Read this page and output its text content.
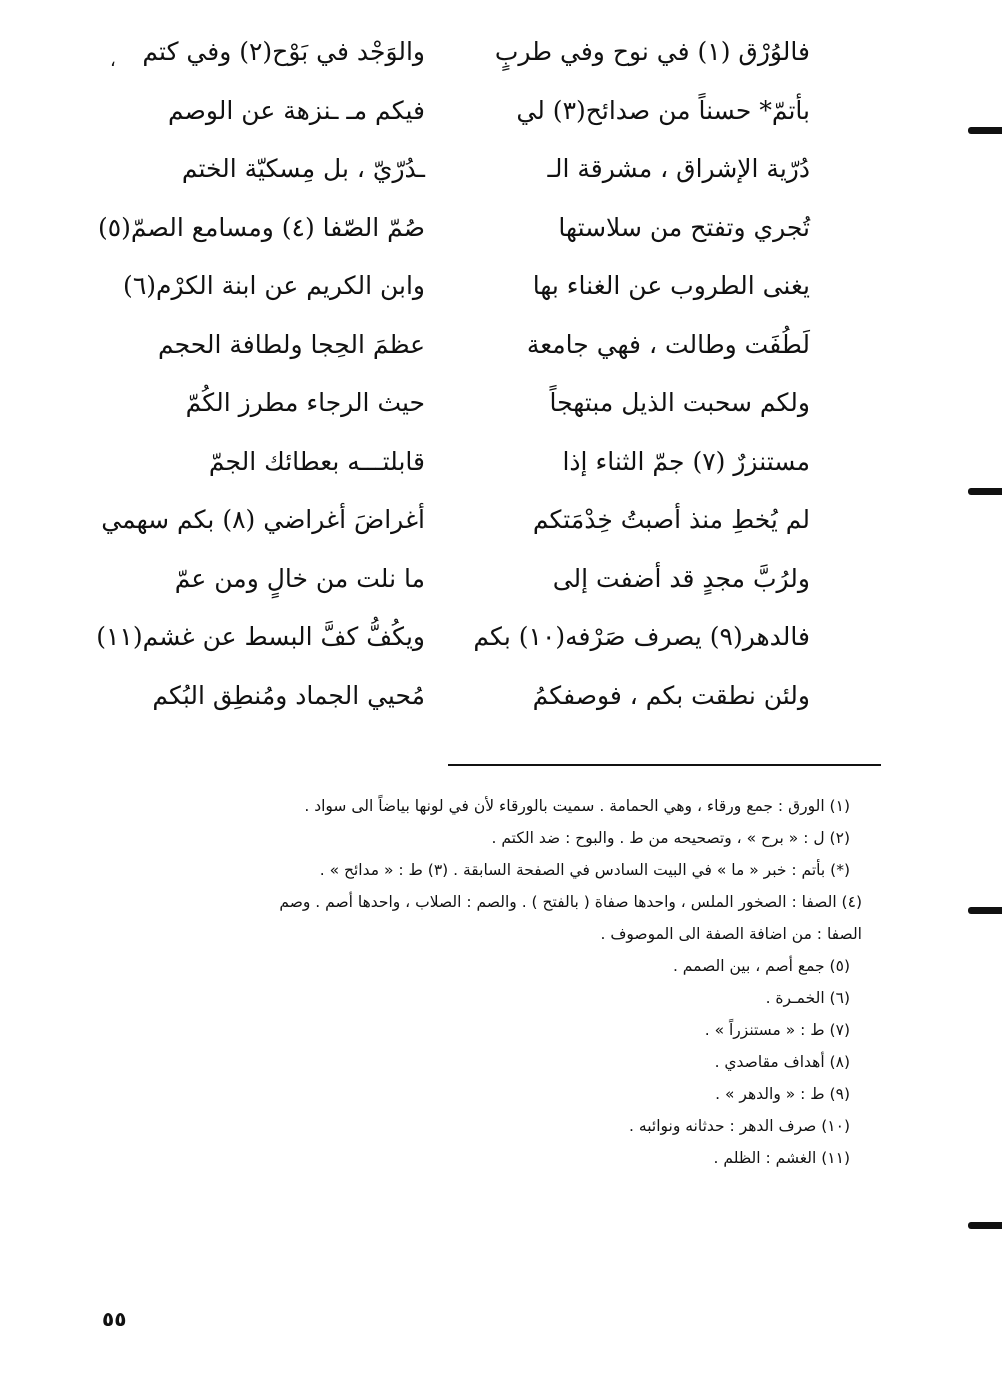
فالوُرْق (١) في نوح وفي طربٍ
والوَجْد في بَوْح(٢) وفي كتم
بأتمّ* حسناً من صدائح(٣) لي
فيكم مـ ـنزهة عن الوصم
دُرّية الإشراق ، مشرقة الـ
ـدُرّيّ ، بل مِسكيّة الختم
تُجري وتفتح من سلاستها
صُمّ الصّفا (٤) ومسامع الصمّ(٥)
يغنى الطروب عن الغناء بها
وابن الكريم عن ابنة الكرْم(٦)
لَطُفَت وطالت ، فهي جامعة
عظمَ الحِجا ولطافة الحجم
ولكم سحبت الذيل مبتهجاً
حيث الرجاء مطرز الكُمّ
مستنزرٌ (٧) جمّ الثناء إذا
قابلتـــه بعطائك الجمّ
لم يُخطِ منذ أصبتُ خِدْمَتكم
أغراضَ أغراضي (٨) بكم سهمي
ولرُبَّ مجدٍ قد أضفت إلى
ما نلت من خالٍ ومن عمّ
فالدهر(٩) يصرف صَرْفه(١٠) بكم
ويكُفُّ كفَّ البسط عن غشم(١١)
ولئن نطقت بكم ، فوصفكمُ
مُحيي الجماد ومُنطِق البُكم
،

(١) الورق : جمع ورقاء ، وهي الحمامة . سميت بالورقاء لأن في لونها بياضاً الى سواد .

(٢) ل : « برح » ، وتصحيحه من ط . والبوح : ضد الكتم .

(*) بأتم : خبر « ما » في البيت السادس في الصفحة السابقة . (٣) ط : « مدائح » .

(٤) الصفا : الصخور الملس ، واحدها صفاة ( بالفتح ) . والصم : الصلاب ، واحدها أصم . وصم

الصفا : من اضافة الصفة الى الموصوف .

(٥) جمع أصم ، بين الصمم .

(٦) الخمـرة .

(٧) ط : « مستنزراً » .

(٨) أهداف مقاصدي .

(٩) ط : « والدهر » .

(١٠) صرف الدهر : حدثانه ونوائبه .

(١١) الغشم : الظلم .

٥٥
